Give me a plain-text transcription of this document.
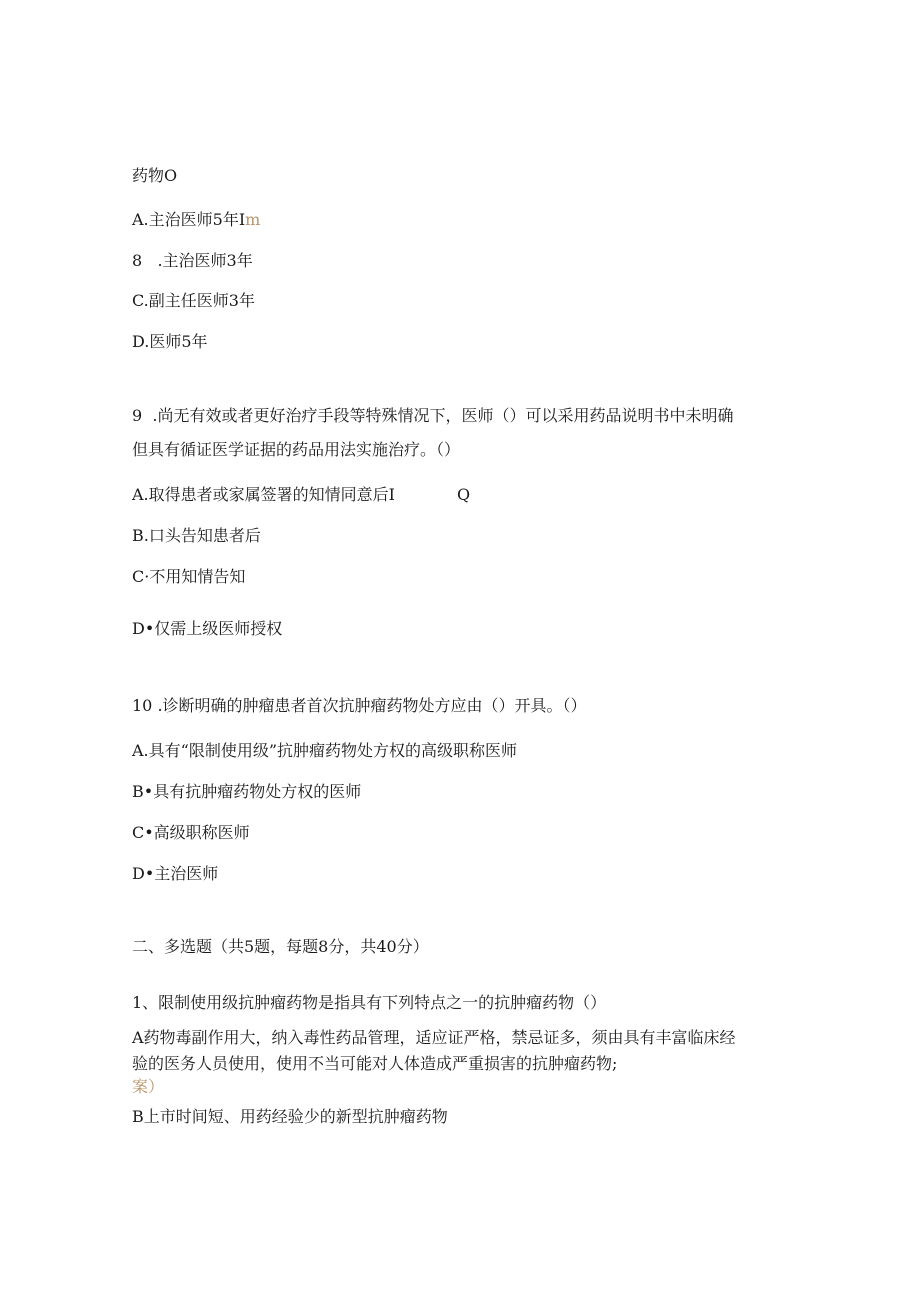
药物O
A.主治医师5年Im
8   .主治医师3年
C.副主任医师3年
D.医师5年
9  .尚无有效或者更好治疗手段等特殊情况下，医师（）可以采用药品说明书中未明确
但具有循证医学证据的药品用法实施治疗。（）
A.取得患者或家属签署的知情同意后I	Q
B.口头告知患者后
C·不用知情告知
D•仅需上级医师授权
10 .诊断明确的肿瘤患者首次抗肿瘤药物处方应由（）开具。（）
A.具有“限制使用级”抗肿瘤药物处方权的高级职称医师
B•具有抗肿瘤药物处方权的医师
C•高级职称医师
D•主治医师
二、多选题（共5题，每题8分，共40分）
1、限制使用级抗肿瘤药物是指具有下列特点之一的抗肿瘤药物（）
A药物毒副作用大，纳入毒性药品管理，适应证严格，禁忌证多，须由具有丰富临床经
验的医务人员使用，使用不当可能对人体造成严重损害的抗肿瘤药物;
案）
B上市时间短、用药经验少的新型抗肿瘤药物
